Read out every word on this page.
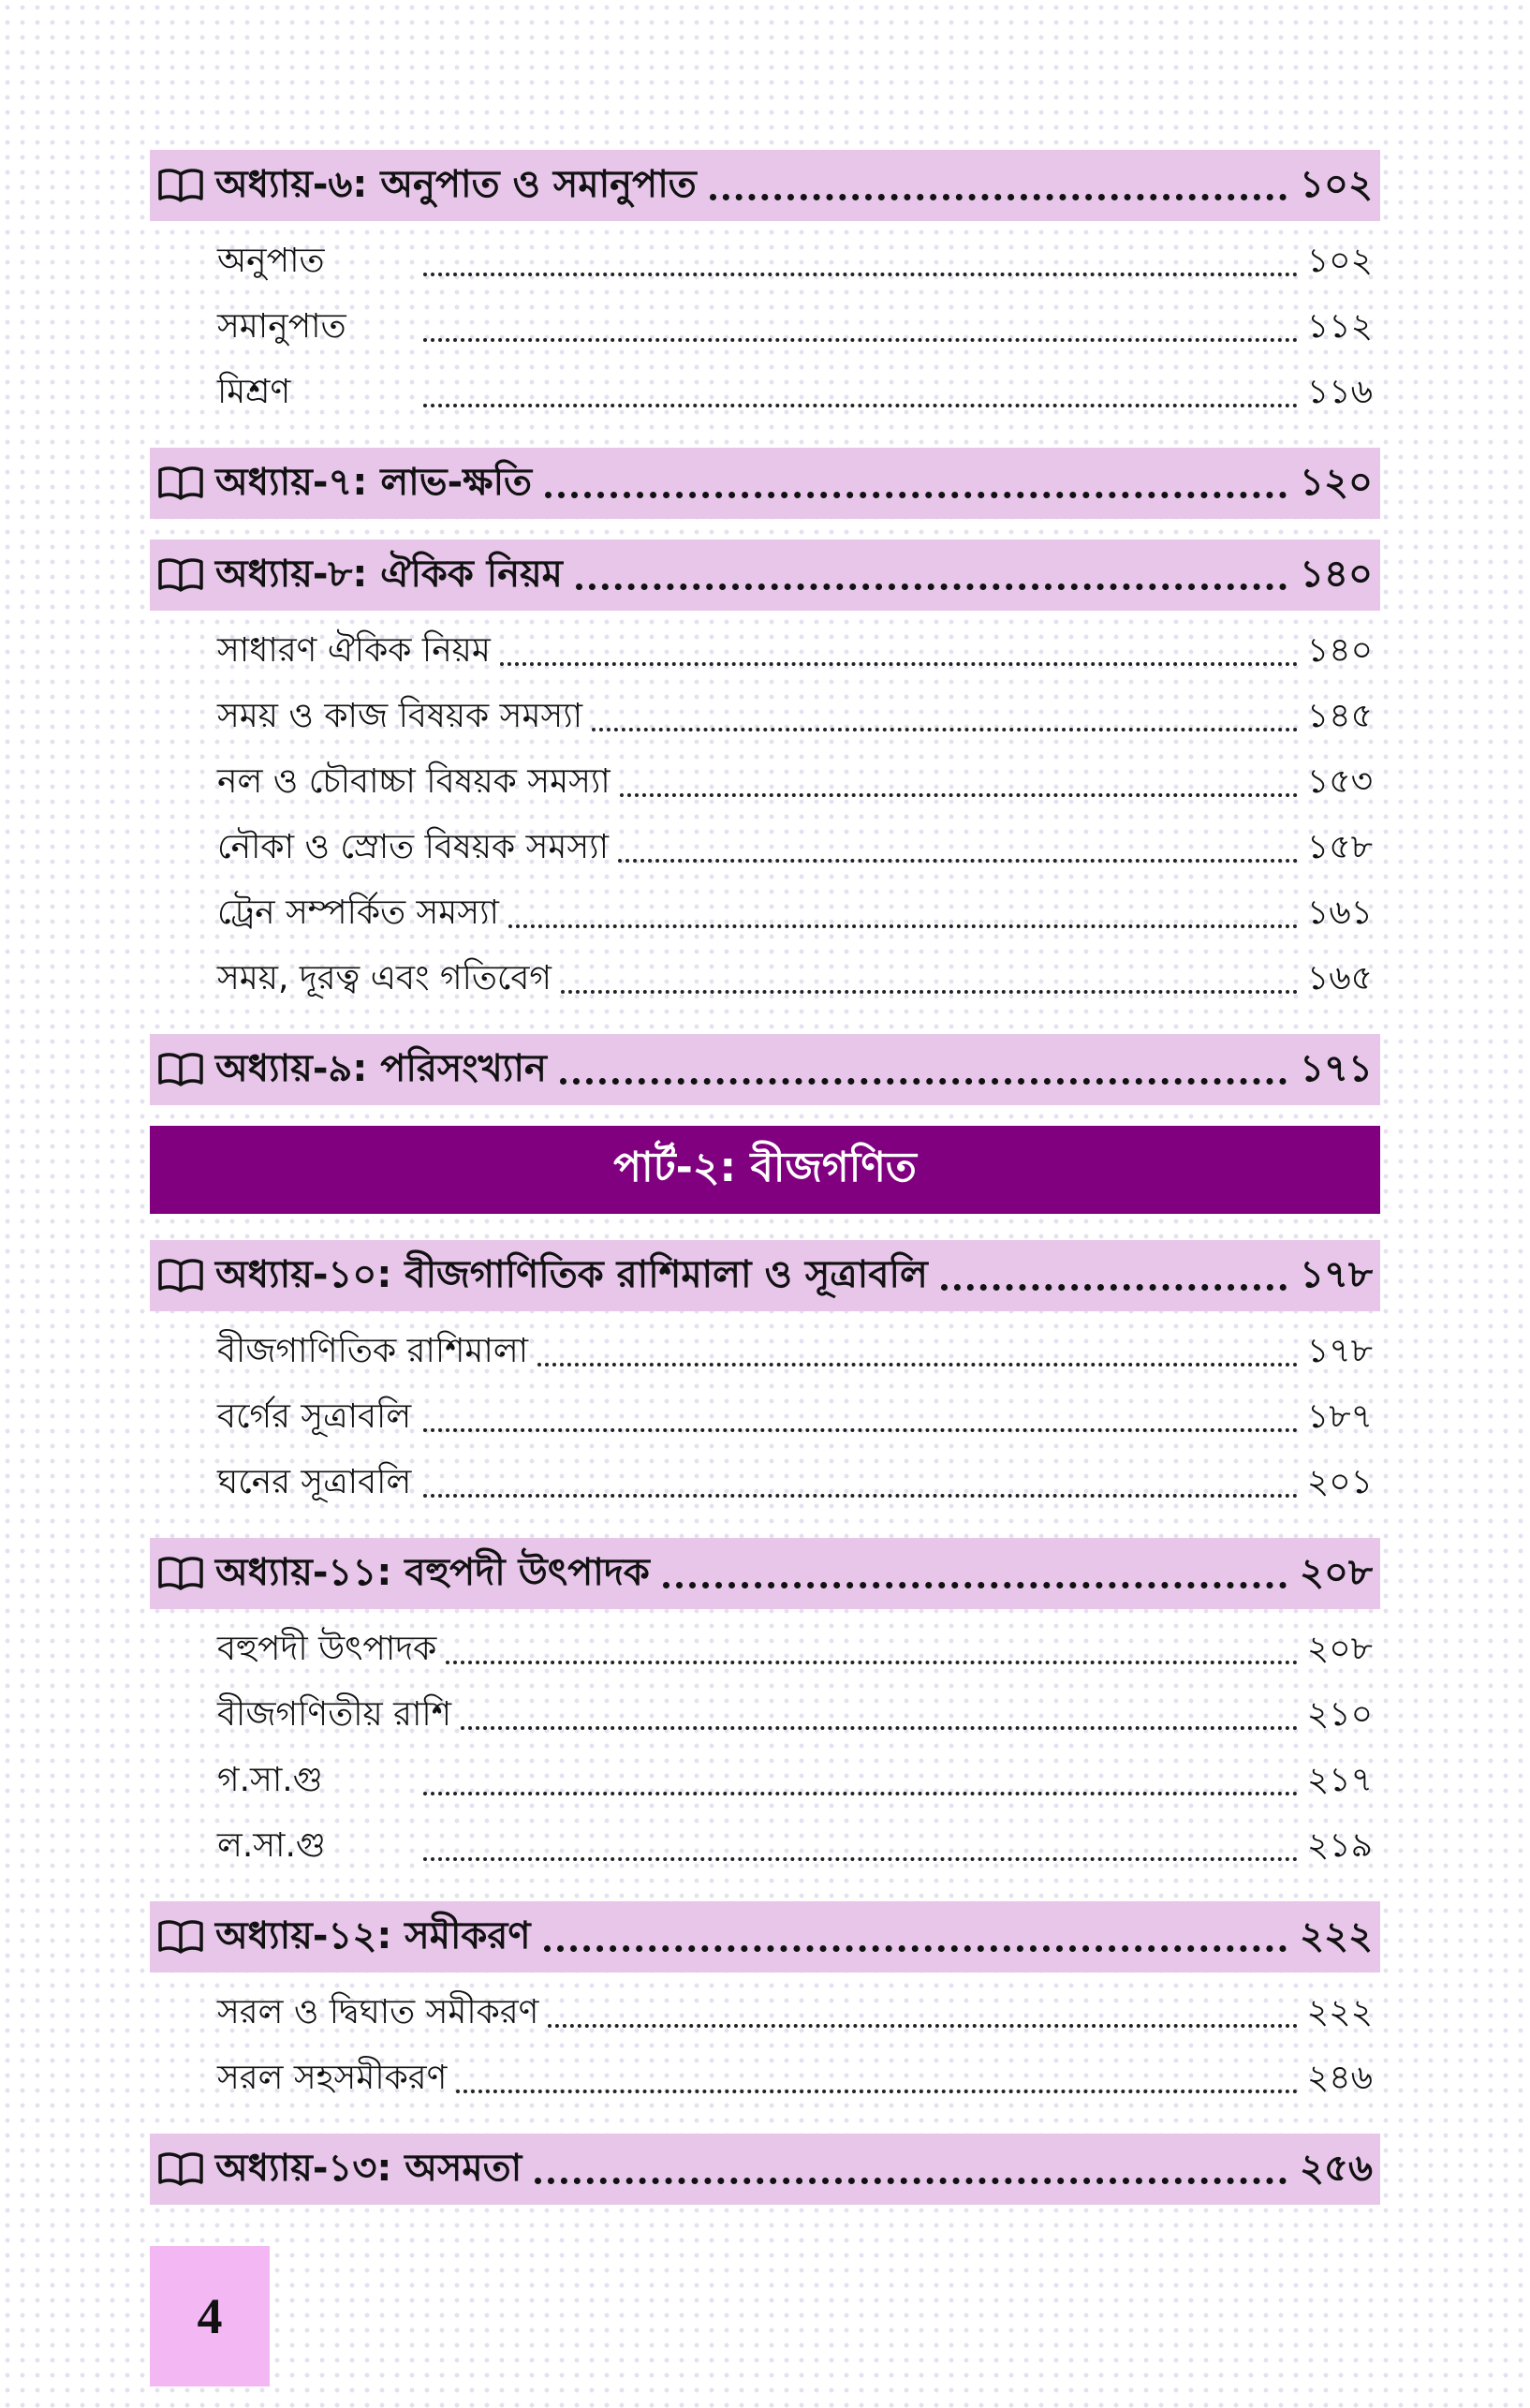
অধ্যায়-৬: অনুপাত ও সমানুপাত	১০২
অনুপাত	১০২
সমানুপাত	১১২
মিশ্রণ	১১৬
অধ্যায়-৭: লাভ-ক্ষতি	১২০
অধ্যায়-৮: ঐকিক নিয়ম	১৪০
সাধারণ ঐকিক নিয়ম	১৪০
সময় ও কাজ বিষয়ক সমস্যা	১৪৫
নল ও চৌবাচ্চা বিষয়ক সমস্যা	১৫৩
নৌকা ও স্রোত বিষয়ক সমস্যা	১৫৮
ট্রেন সম্পর্কিত সমস্যা	১৬১
সময়, দূরত্ব এবং গতিবেগ	১৬৫
অধ্যায়-৯: পরিসংখ্যান	১৭১
পার্ট-২: বীজগণিত
অধ্যায়-১০: বীজগাণিতিক রাশিমালা ও সূত্রাবলি	১৭৮
বীজগাণিতিক রাশিমালা	১৭৮
বর্গের সূত্রাবলি	১৮৭
ঘনের সূত্রাবলি	২০১
অধ্যায়-১১: বহুপদী উৎপাদক	২০৮
বহুপদী উৎপাদক	২০৮
বীজগণিতীয় রাশি	২১০
গ.সা.গু	২১৭
ল.সা.গু	২১৯
অধ্যায়-১২: সমীকরণ	২২২
সরল ও দ্বিঘাত সমীকরণ	২২২
সরল সহসমীকরণ	২৪৬
অধ্যায়-১৩: অসমতা	২৫৬
4
